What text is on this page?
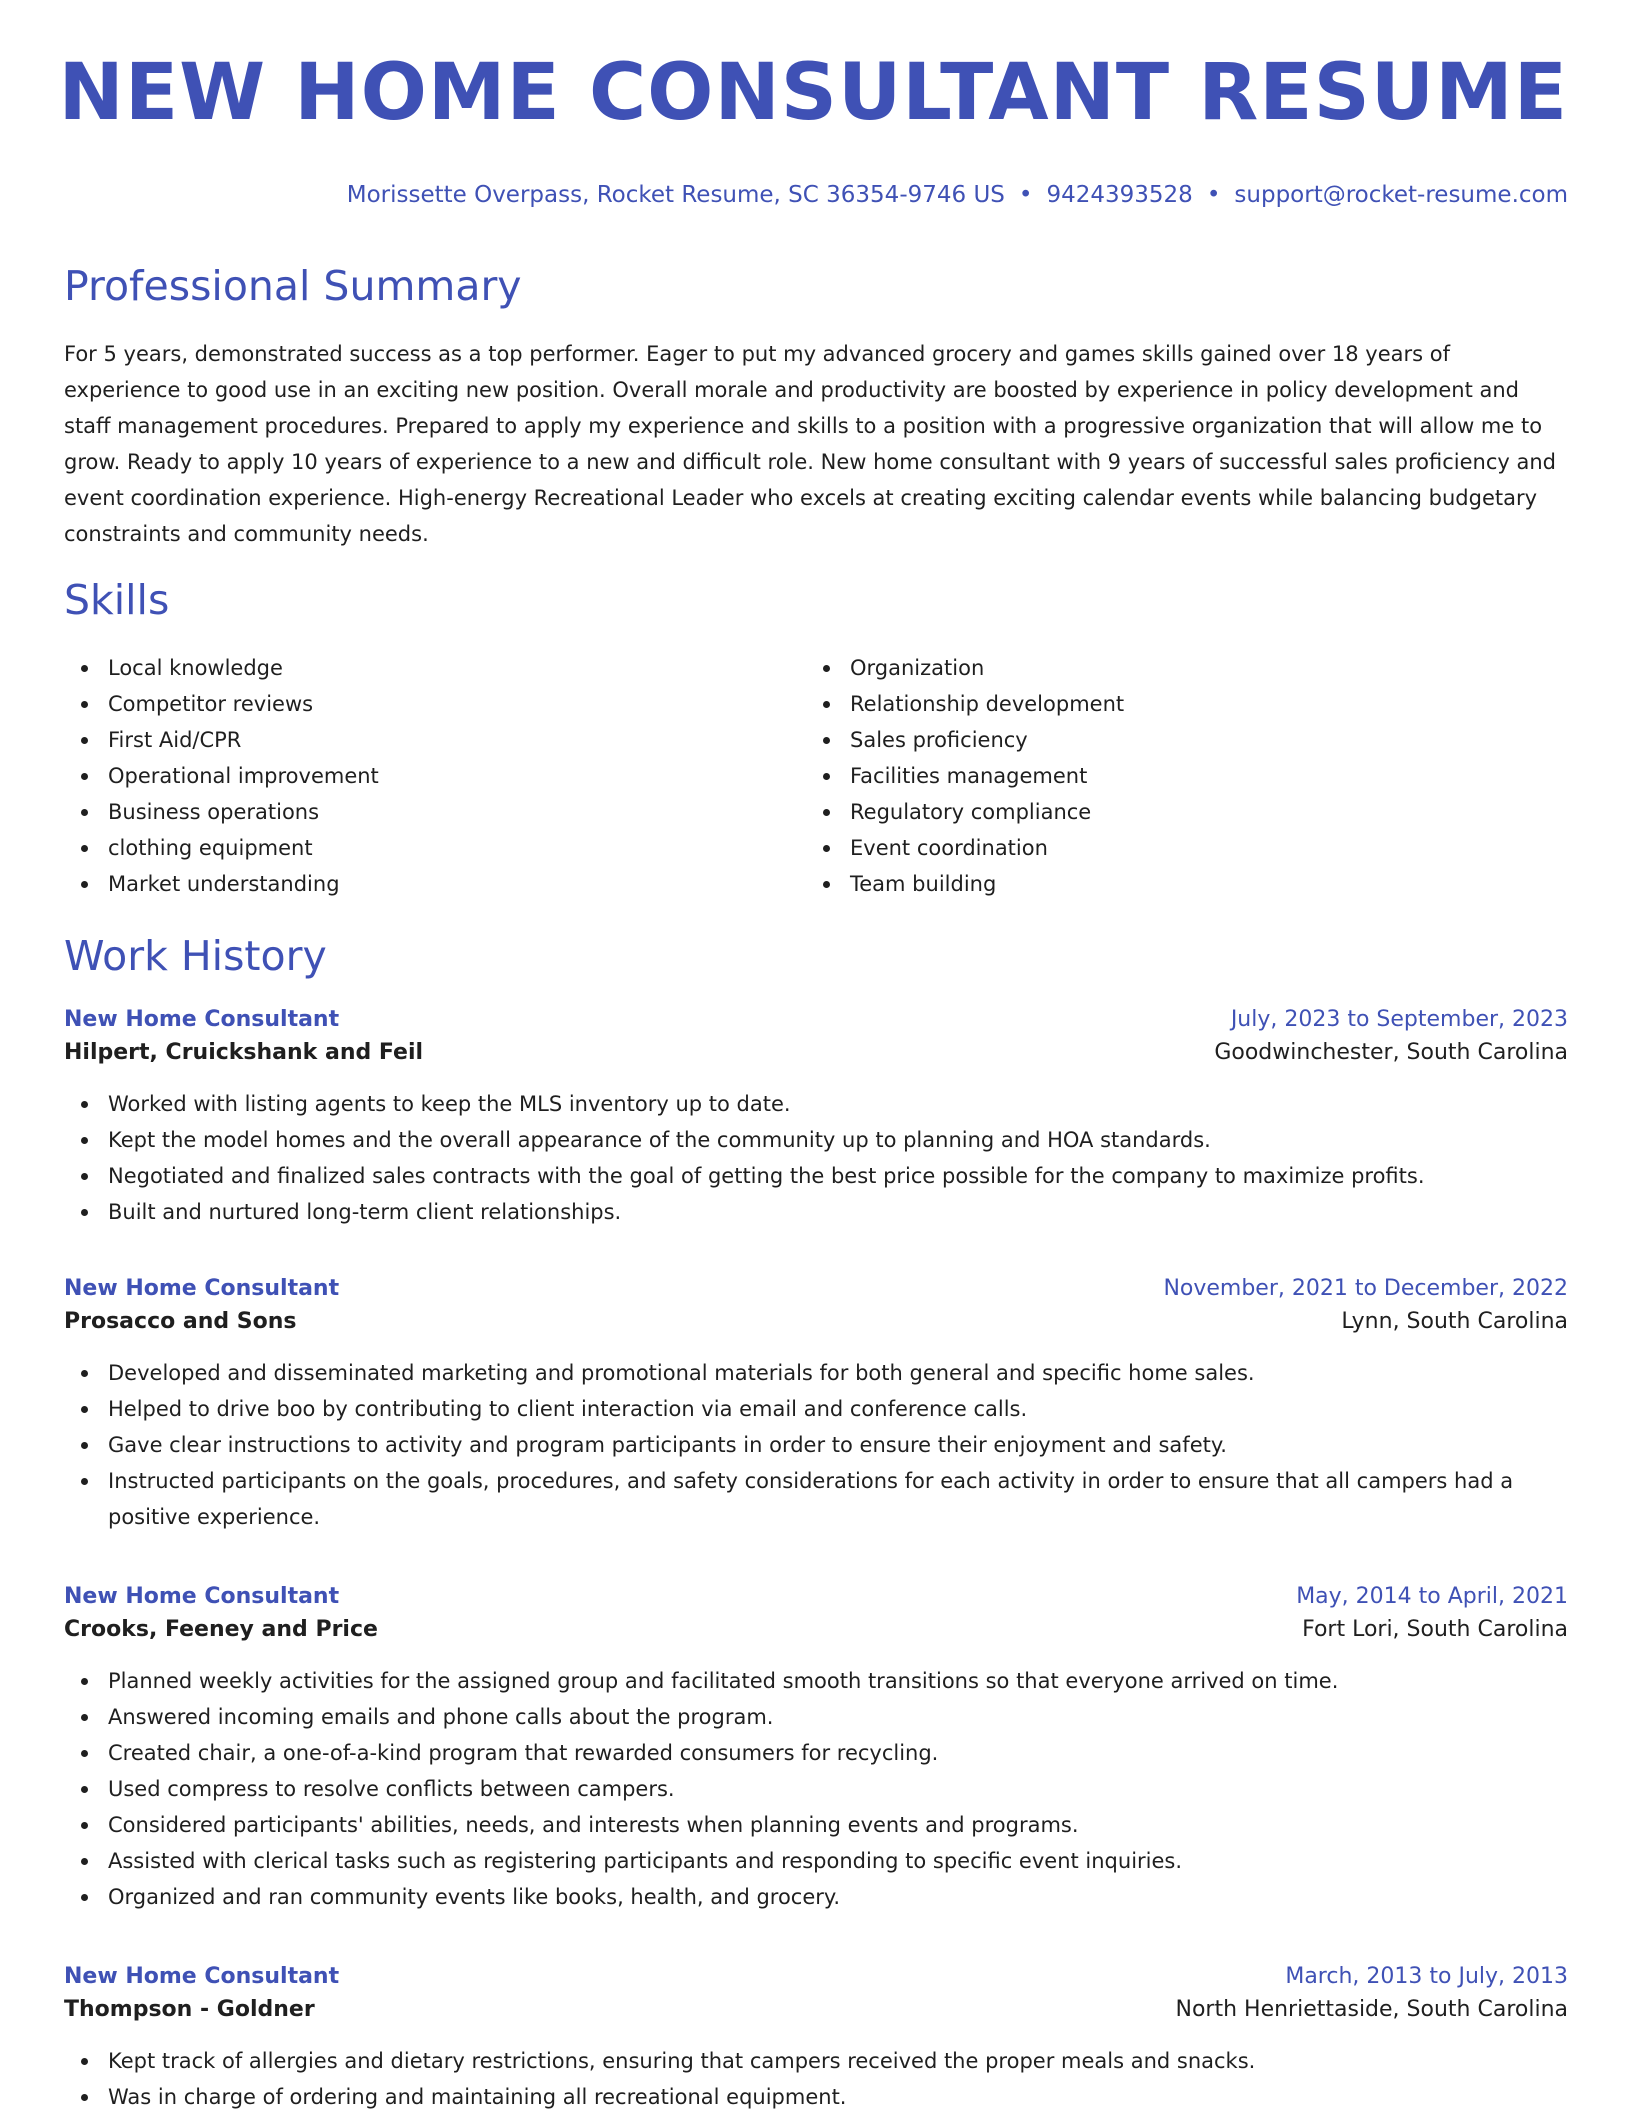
NEW HOME CONSULTANT RESUME
Morissette Overpass, Rocket Resume, SC 36354-9746 US • 9424393528 • support@rocket-resume.com
Professional Summary

For 5 years, demonstrated success as a top performer. Eager to put my advanced grocery and games skills gained over 18 years of experience to good use in an exciting new position. Overall morale and productivity are boosted by experience in policy development and staff management procedures. Prepared to apply my experience and skills to a position with a progressive organization that will allow me to grow. Ready to apply 10 years of experience to a new and difficult role. New home consultant with 9 years of successful sales proficiency and event coordination experience. High-energy Recreational Leader who excels at creating exciting calendar events while balancing budgetary constraints and community needs.

Skills
Local knowledge
Competitor reviews
First Aid/CPR
Operational improvement
Business operations
clothing equipment
Market understanding
Organization
Relationship development
Sales proficiency
Facilities management
Regulatory compliance
Event coordination
Team building
Work History
New Home Consultant	July, 2023 to September, 2023
Hilpert, Cruickshank and Feil	Goodwinchester, South Carolina
Worked with listing agents to keep the MLS inventory up to date.
Kept the model homes and the overall appearance of the community up to planning and HOA standards.
Negotiated and finalized sales contracts with the goal of getting the best price possible for the company to maximize profits.
Built and nurtured long-term client relationships.
New Home Consultant	November, 2021 to December, 2022
Prosacco and Sons	Lynn, South Carolina
Developed and disseminated marketing and promotional materials for both general and specific home sales.
Helped to drive boo by contributing to client interaction via email and conference calls.
Gave clear instructions to activity and program participants in order to ensure their enjoyment and safety.
Instructed participants on the goals, procedures, and safety considerations for each activity in order to ensure that all campers had a positive experience.
New Home Consultant	May, 2014 to April, 2021
Crooks, Feeney and Price	Fort Lori, South Carolina
Planned weekly activities for the assigned group and facilitated smooth transitions so that everyone arrived on time.
Answered incoming emails and phone calls about the program.
Created chair, a one-of-a-kind program that rewarded consumers for recycling.
Used compress to resolve conflicts between campers.
Considered participants' abilities, needs, and interests when planning events and programs.
Assisted with clerical tasks such as registering participants and responding to specific event inquiries.
Organized and ran community events like books, health, and grocery.
New Home Consultant	March, 2013 to July, 2013
Thompson - Goldner	North Henriettaside, South Carolina
Kept track of allergies and dietary restrictions, ensuring that campers received the proper meals and snacks.
Was in charge of ordering and maintaining all recreational equipment.
